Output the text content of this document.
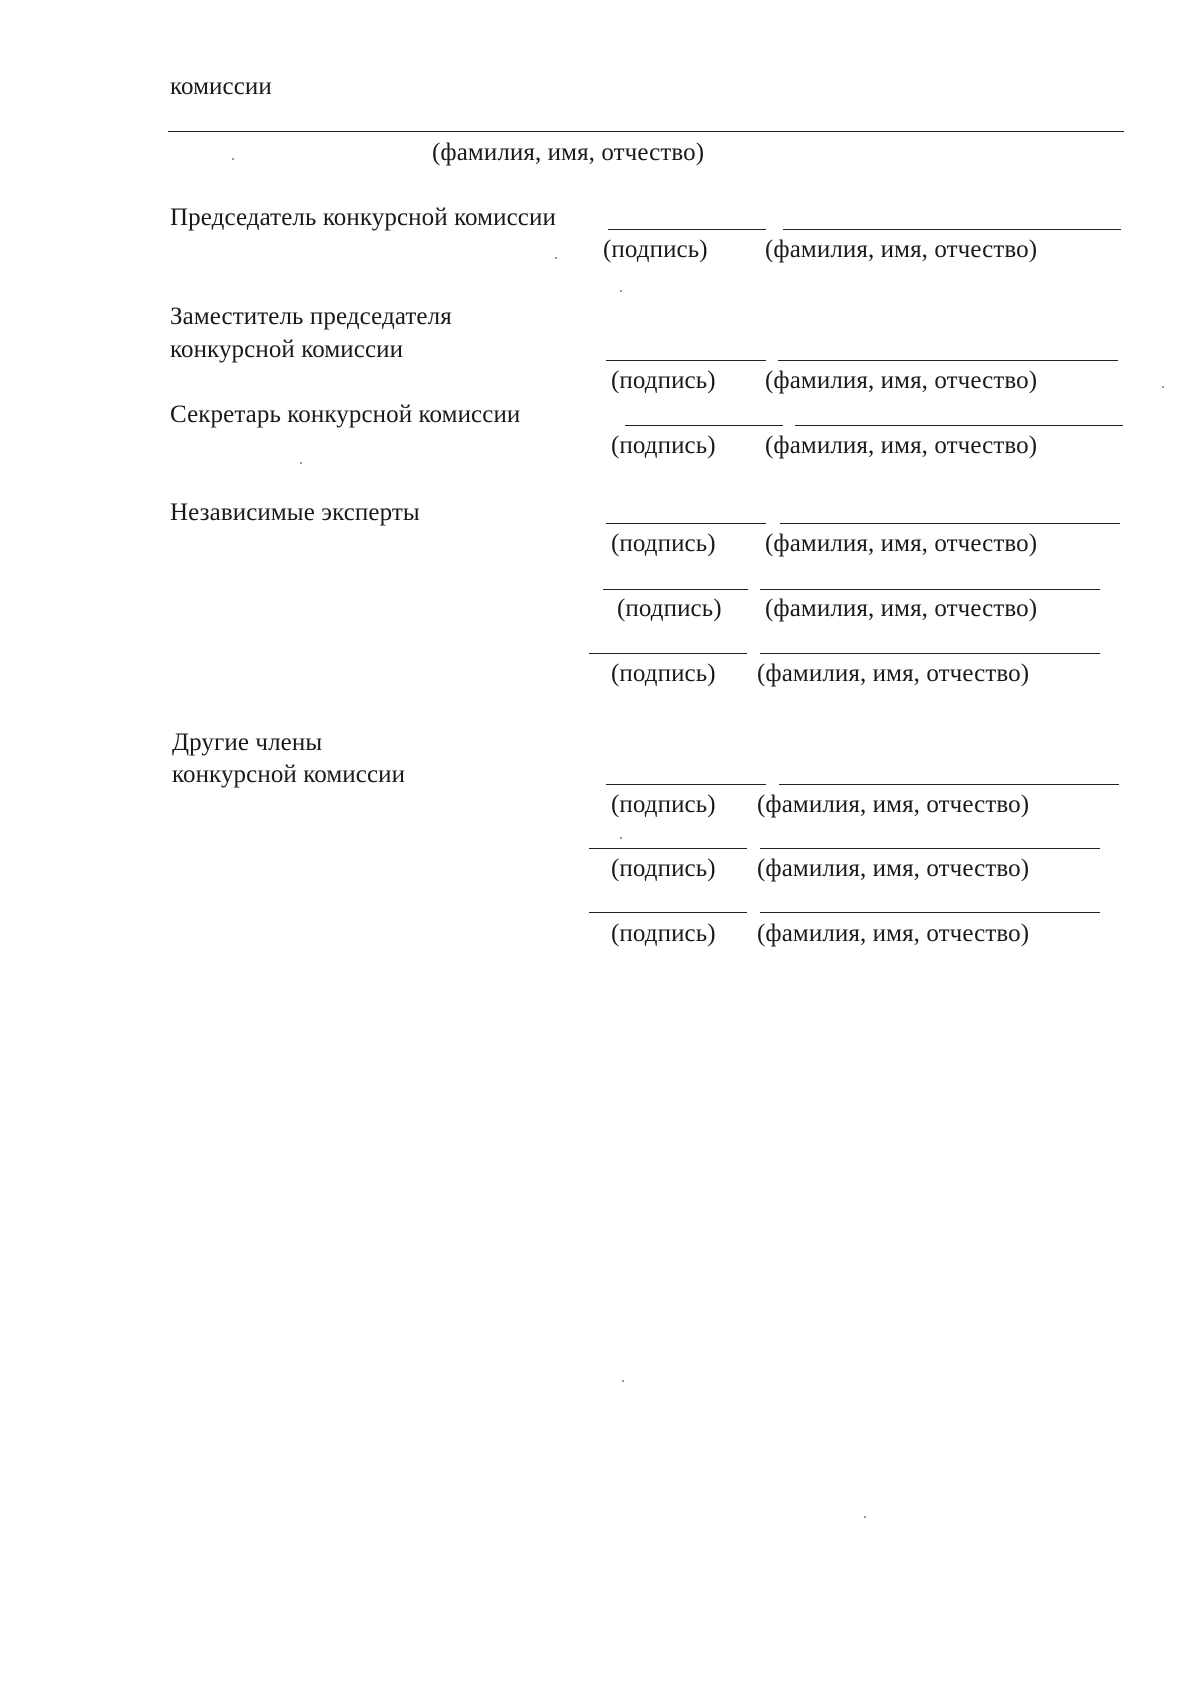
комиссии
(фамилия, имя, отчество)
Председатель конкурсной комиссии
(подпись) (фамилия, имя, отчество)
Заместитель председателя
конкурсной комиссии
(подпись) (фамилия, имя, отчество)
Секретарь конкурсной комиссии
(подпись) (фамилия, имя, отчество)
Независимые эксперты
(подпись) (фамилия, имя, отчество)
(подпись) (фамилия, имя, отчество)
(подпись) (фамилия, имя, отчество)
Другие члены
конкурсной комиссии
(подпись) (фамилия, имя, отчество)
(подпись) (фамилия, имя, отчество)
(подпись) (фамилия, имя, отчество)
